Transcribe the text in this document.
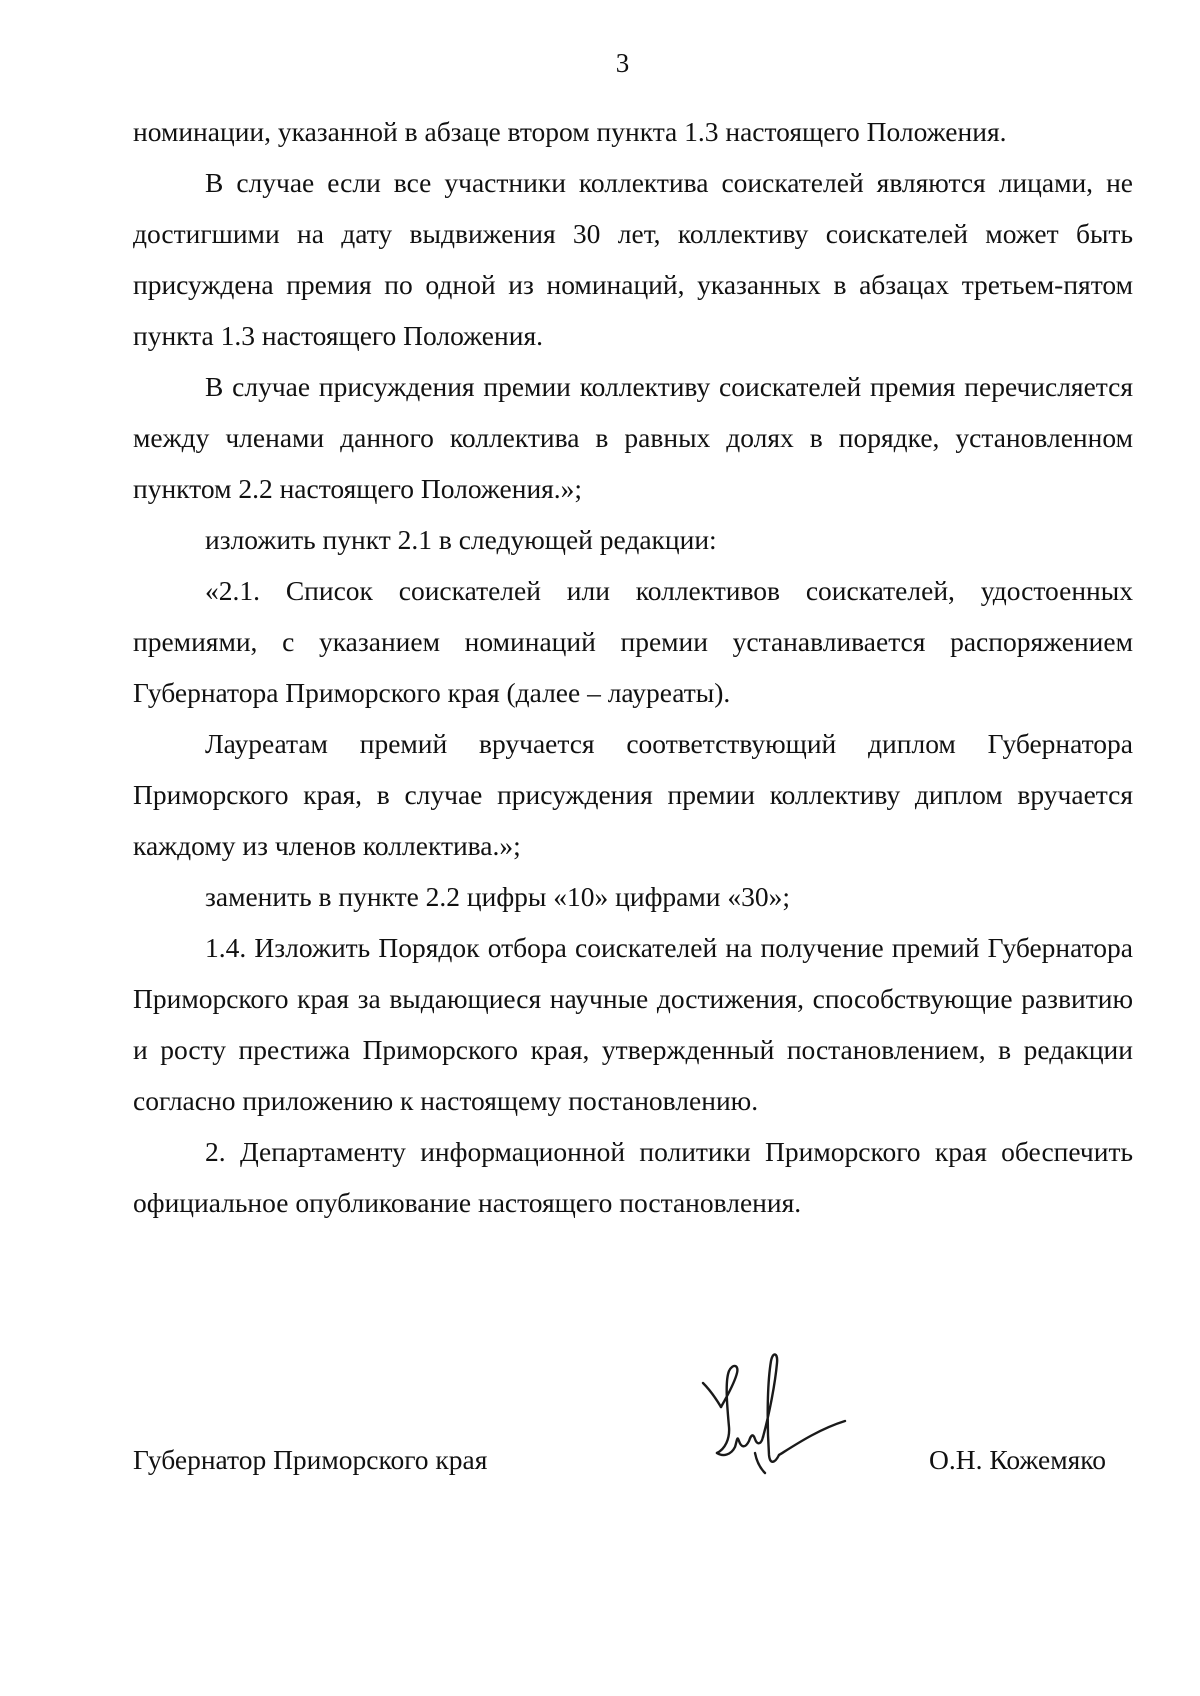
3

номинации, указанной в абзаце втором пункта 1.3 настоящего Положения.

В случае если все участники коллектива соискателей являются лицами, не достигшими на дату выдвижения 30 лет, коллективу соискателей может быть присуждена премия по одной из номинаций, указанных в абзацах третьем-пятом пункта 1.3 настоящего Положения.

В случае присуждения премии коллективу соискателей премия перечисляется между членами данного коллектива в равных долях в порядке, установленном пунктом 2.2 настоящего Положения.»;

изложить пункт 2.1 в следующей редакции:

«2.1. Список соискателей или коллективов соискателей, удостоенных премиями, с указанием номинаций премии устанавливается распоряжением Губернатора Приморского края (далее – лауреаты).

Лауреатам премий вручается соответствующий диплом Губернатора Приморского края, в случае присуждения премии коллективу диплом вручается каждому из членов коллектива.»;

заменить в пункте 2.2 цифры «10» цифрами «30»;

1.4. Изложить Порядок отбора соискателей на получение премий Губернатора Приморского края за выдающиеся научные достижения, способствующие развитию и росту престижа Приморского края, утвержденный постановлением, в редакции согласно приложению к настоящему постановлению.

2. Департаменту информационной политики Приморского края обеспечить официальное опубликование настоящего постановления.

Губернатор Приморского края	О.Н. Кожемяко
